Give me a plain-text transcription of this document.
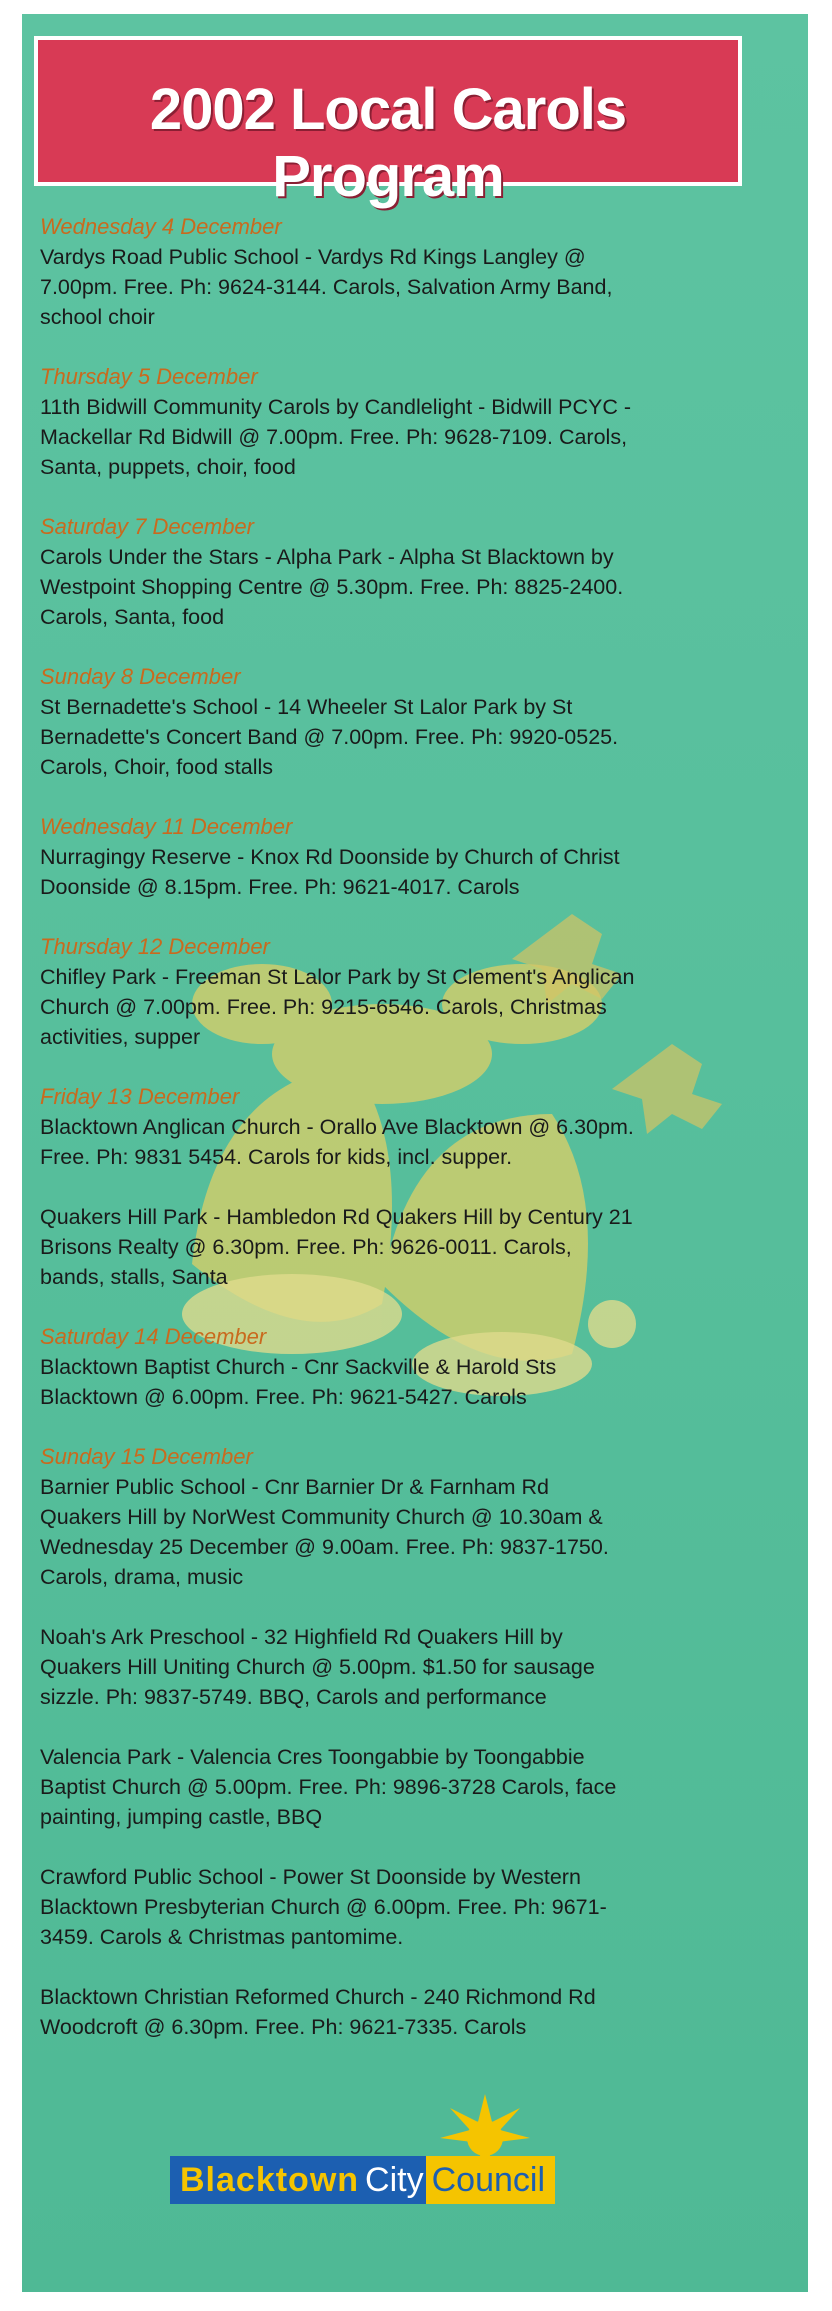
2002 Local Carols Program
Wednesday 4 December
Vardys Road Public School - Vardys Rd Kings Langley @
7.00pm. Free. Ph: 9624-3144. Carols, Salvation Army Band,
school choir
Thursday 5 December
11th Bidwill Community Carols by Candlelight - Bidwill PCYC -
Mackellar Rd Bidwill @ 7.00pm. Free. Ph: 9628-7109. Carols,
Santa, puppets, choir, food
Saturday 7 December
Carols Under the Stars - Alpha Park - Alpha St Blacktown by
Westpoint Shopping Centre @ 5.30pm. Free. Ph: 8825-2400.
Carols, Santa, food
Sunday 8 December
St Bernadette's School - 14 Wheeler St Lalor Park by St
Bernadette's Concert Band @ 7.00pm. Free. Ph: 9920-0525.
Carols, Choir, food stalls
Wednesday 11 December
Nurragingy Reserve - Knox Rd Doonside by Church of Christ
Doonside @ 8.15pm. Free. Ph: 9621-4017. Carols
Thursday 12 December
Chifley Park - Freeman St Lalor Park by St Clement's Anglican
Church @ 7.00pm. Free. Ph: 9215-6546. Carols, Christmas
activities, supper
Friday 13 December
Blacktown Anglican Church - Orallo Ave Blacktown @ 6.30pm.
Free. Ph: 9831 5454. Carols for kids, incl. supper.
Quakers Hill Park - Hambledon Rd Quakers Hill by Century 21
Brisons Realty @ 6.30pm. Free. Ph: 9626-0011. Carols,
bands, stalls, Santa
Saturday 14 December
Blacktown Baptist Church - Cnr Sackville & Harold Sts
Blacktown @ 6.00pm. Free. Ph: 9621-5427. Carols
Sunday 15 December
Barnier Public School - Cnr Barnier Dr & Farnham Rd
Quakers Hill by NorWest Community Church @ 10.30am &
Wednesday 25 December @ 9.00am. Free. Ph: 9837-1750.
Carols, drama, music
Noah's Ark Preschool - 32 Highfield Rd Quakers Hill by
Quakers Hill Uniting Church @ 5.00pm. $1.50 for sausage
sizzle. Ph: 9837-5749. BBQ, Carols and performance
Valencia Park - Valencia Cres Toongabbie by Toongabbie
Baptist Church @ 5.00pm. Free. Ph: 9896-3728 Carols, face
painting, jumping castle, BBQ
Crawford Public School - Power St Doonside by Western
Blacktown Presbyterian Church @ 6.00pm. Free. Ph: 9671-
3459. Carols & Christmas pantomime.
Blacktown Christian Reformed Church - 240 Richmond Rd
Woodcroft @ 6.30pm. Free. Ph: 9621-7335. Carols
Blacktown City Council
